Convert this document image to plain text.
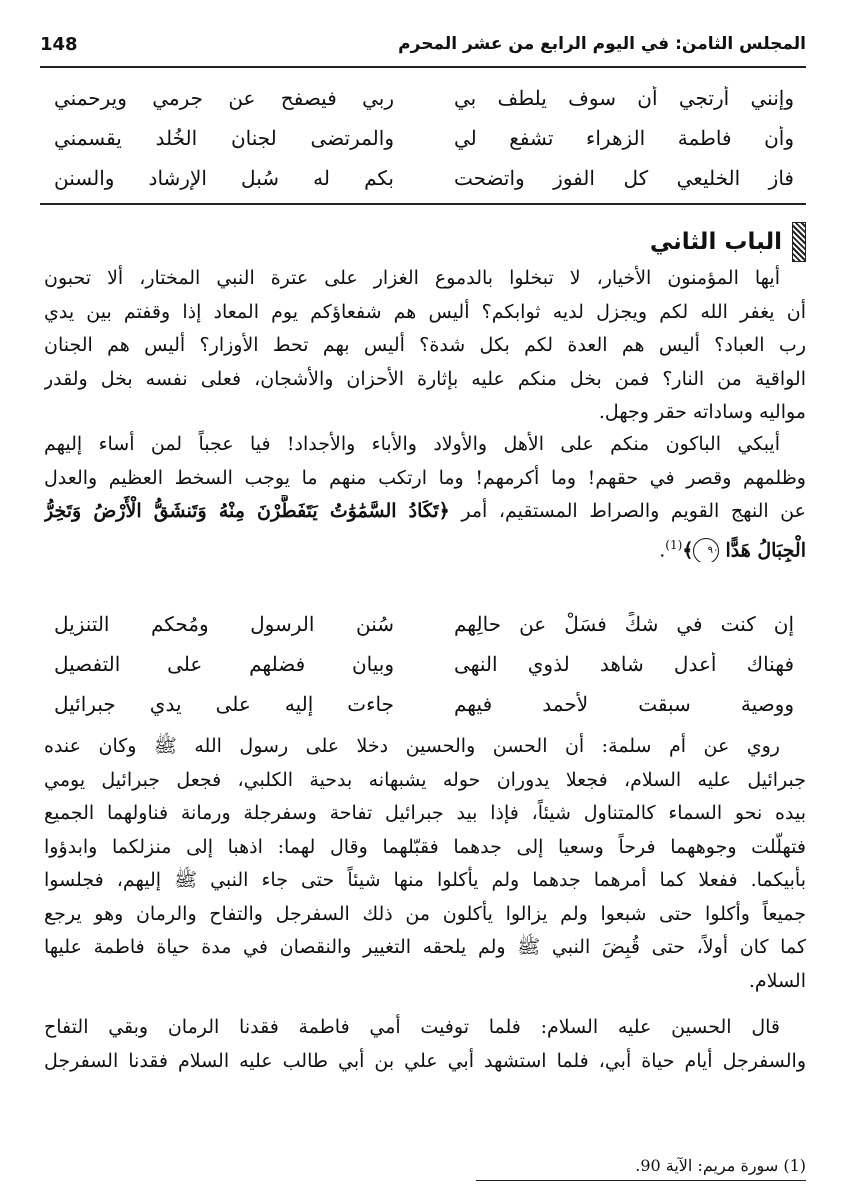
المجلس الثامن: في اليوم الرابع من عشر المحرم
148
وإنني أرتجي أن سوف يلطف بي
ربي فيصفح عن جرمي ويرحمني
وأن فاطمة الزهراء تشفع لي
والمرتضى لجنان الخُلد يقسمني
فاز الخليعي كل الفوز واتضحت
بكم له سُبل الإرشاد والسنن
الباب الثاني
أيها المؤمنون الأخيار، لا تبخلوا بالدموع الغزار على عترة النبي المختار، ألا تحبون
أن يغفر الله لكم ويجزل لديه ثوابكم؟ أليس هم شفعاؤكم يوم المعاد إذا وقفتم بين يدي
رب العباد؟ أليس هم العدة لكم بكل شدة؟ أليس بهم تحط الأوزار؟ أليس هم الجنان
الواقية من النار؟ فمن بخل منكم عليه بإثارة الأحزان والأشجان، فعلى نفسه بخل ولقدر
مواليه وساداته حقر وجهل.
أيبكي الباكون منكم على الأهل والأولاد والأباء والأجداد! فيا عجباً لمن أساء إليهم
وظلمهم وقصر في حقهم! وما أكرمهم! وما ارتكب منهم ما يوجب السخط العظيم والعدل
عن النهج القويم والصراط المستقيم، أمر ﴿تَكَادُ السَّمَٰوَٰتُ يَتَفَطَّرْنَ مِنْهُ وَتَنشَقُّ الْأَرْضُ وَتَخِرُّ
الْجِبَالُ هَدًّا ٩٠﴾$^{(1)}$.
إن كنت في شكٍّ فسَلْ عن حالِهم
سُنن الرسول ومُحكم التنزيل
فهناك أعدل شاهد لذوي النهى
وبيان فضلهم على التفصيل
ووصية سبقت لأحمد فيهم
جاءت إليه على يدي جبرائيل
روي عن أم سلمة: أن الحسن والحسين دخلا على رسول الله ﷺ وكان عنده
جبرائيل عليه السلام، فجعلا يدوران حوله يشبهانه بدحية الكلبي، فجعل جبرائيل يومي
بيده نحو السماء كالمتناول شيئاً، فإذا بيد جبرائيل تفاحة وسفرجلة ورمانة فناولهما الجميع
فتهلّلت وجوههما فرحاً وسعيا إلى جدهما فقبّلهما وقال لهما: اذهبا إلى منزلكما وابدؤوا
بأبيكما. ففعلا كما أمرهما جدهما ولم يأكلوا منها شيئاً حتى جاء النبي ﷺ إليهم، فجلسوا
جميعاً وأكلوا حتى شبعوا ولم يزالوا يأكلون من ذلك السفرجل والتفاح والرمان وهو يرجع
كما كان أولاً، حتى قُبِضَ النبي ﷺ ولم يلحقه التغيير والنقصان في مدة حياة فاطمة عليها
السلام.
قال الحسين عليه السلام: فلما توفيت أمي فاطمة فقدنا الرمان وبقي التفاح
والسفرجل أيام حياة أبي، فلما استشهد أبي علي بن أبي طالب عليه السلام فقدنا السفرجل
(1) سورة مريم: الآية 90.
